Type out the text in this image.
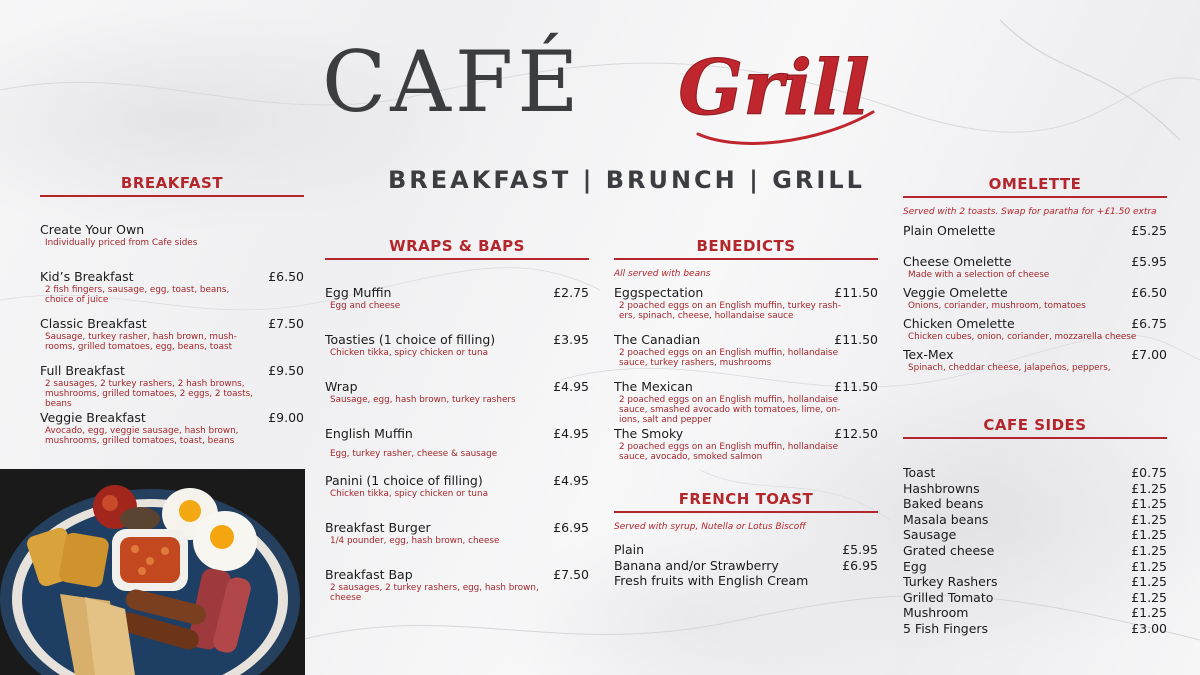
CAFÉ Grill
BREAKFAST | BRUNCH | GRILL
BREAKFAST
Create Your Own
Individually priced from Cafe sides
Kid’s Breakfast	£6.50
2 fish fingers, sausage, egg, toast, beans, choice of juice
Classic Breakfast	£7.50
Sausage, turkey rasher, hash brown, mush-rooms, grilled tomatoes, egg, beans, toast
Full Breakfast	£9.50
2 sausages, 2 turkey rashers, 2 hash browns, mushrooms, grilled tomatoes, 2 eggs, 2 toasts, beans
Veggie Breakfast	£9.00
Avocado, egg, veggie sausage, hash brown, mushrooms, grilled tomatoes, toast, beans
WRAPS & BAPS
Egg Muffin	£2.75
Egg and cheese
Toasties (1 choice of filling)	£3.95
Chicken tikka, spicy chicken or tuna
Wrap	£4.95
Sausage, egg, hash brown, turkey rashers
English Muffin	£4.95
Egg, turkey rasher, cheese & sausage
Panini (1 choice of filling)	£4.95
Chicken tikka, spicy chicken or tuna
Breakfast Burger	£6.95
1/4 pounder, egg, hash brown, cheese
Breakfast Bap	£7.50
2 sausages, 2 turkey rashers, egg, hash brown, cheese
BENEDICTS
All served with beans
Eggspectation	£11.50
2 poached eggs on an English muffin, turkey rash-ers, spinach, cheese, hollandaise sauce
The Canadian	£11.50
2 poached eggs on an English muffin, hollandaise sauce, turkey rashers, mushrooms
The Mexican	£11.50
2 poached eggs on an English muffin, hollandaise sauce, smashed avocado with tomatoes, lime, on-ions, salt and pepper
The Smoky	£12.50
2 poached eggs on an English muffin, hollandaise sauce, avocado, smoked salmon
FRENCH TOAST
Served with syrup, Nutella or Lotus Biscoff
Plain	£5.95
Banana and/or Strawberry	£6.95
Fresh fruits with English Cream
OMELETTE
Served with 2 toasts. Swap for paratha for +£1.50 extra
Plain Omelette	£5.25
Cheese Omelette	£5.95
Made with a selection of cheese
Veggie Omelette	£6.50
Onions, coriander, mushroom, tomatoes
Chicken Omelette	£6.75
Chicken cubes, onion, coriander, mozzarella cheese
Tex-Mex	£7.00
Spinach, cheddar cheese, jalapeños, peppers,
CAFE SIDES
Toast	£0.75
Hashbrowns	£1.25
Baked beans	£1.25
Masala beans	£1.25
Sausage	£1.25
Grated cheese	£1.25
Egg	£1.25
Turkey Rashers	£1.25
Grilled Tomato	£1.25
Mushroom	£1.25
5 Fish Fingers	£3.00
